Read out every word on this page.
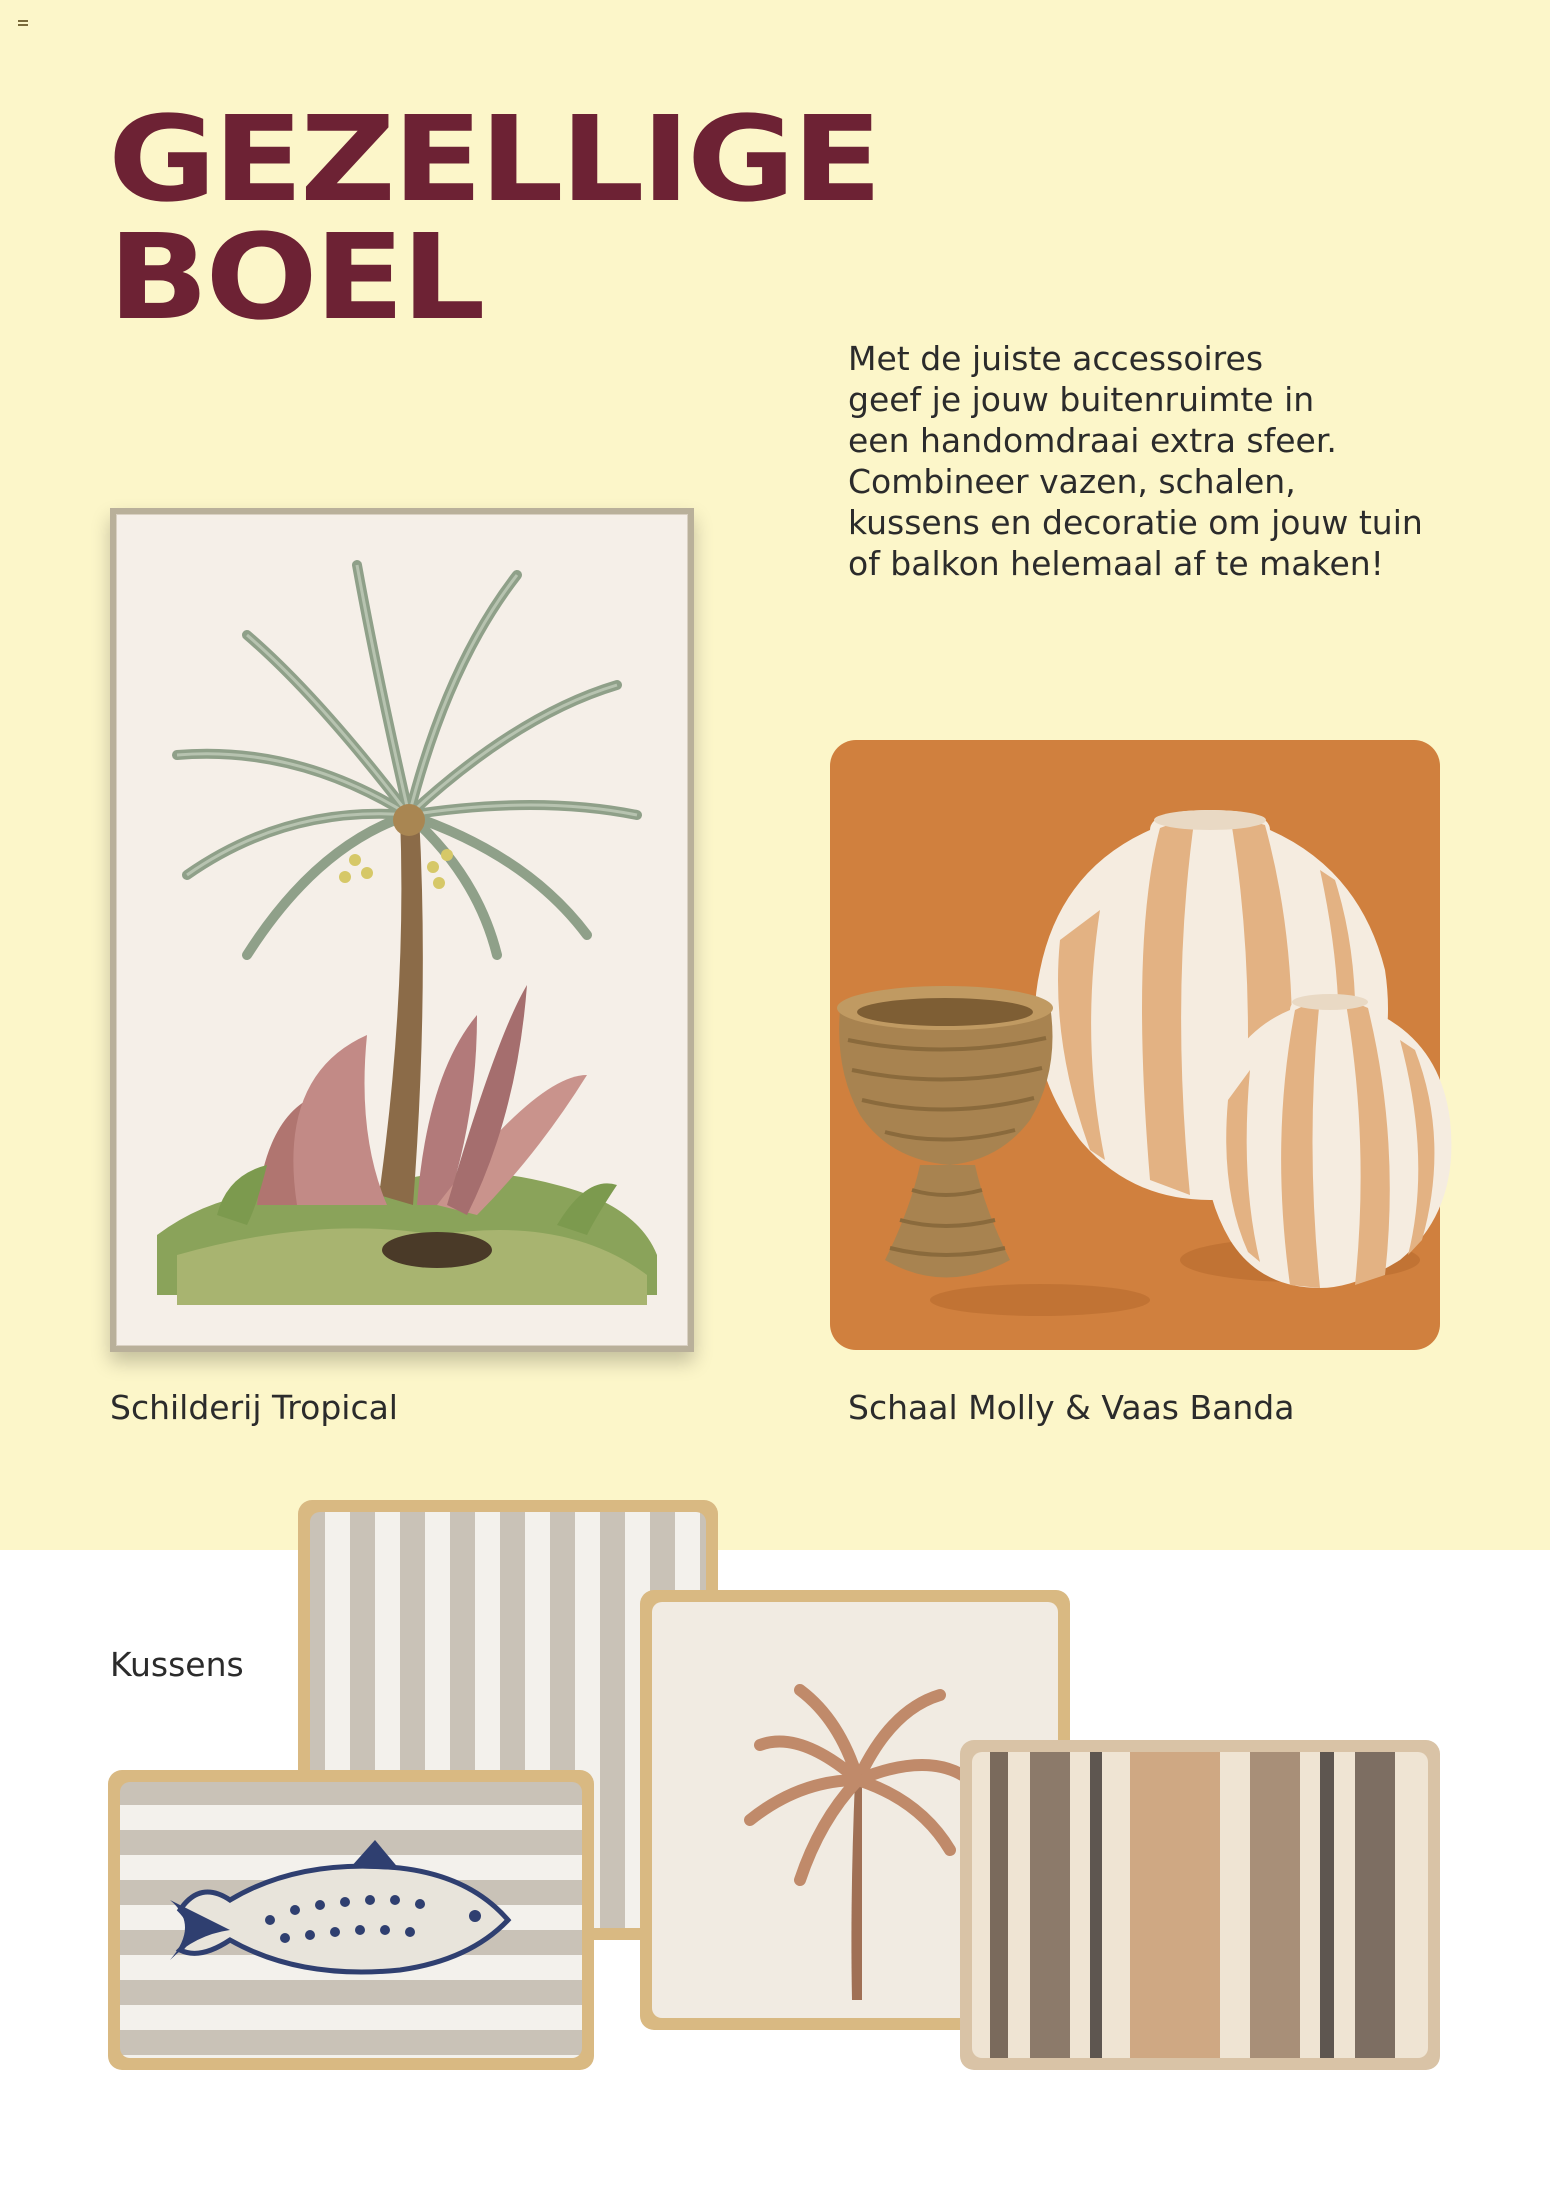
GEZELLIGE
BOEL
Met de juiste accessoires
geef je jouw buitenruimte in
een handomdraai extra sfeer.
Combineer vazen, schalen,
kussens en decoratie om jouw tuin
of balkon helemaal af te maken!
Schilderij Tropical	Schaal Molly & Vaas Banda
Kussens
